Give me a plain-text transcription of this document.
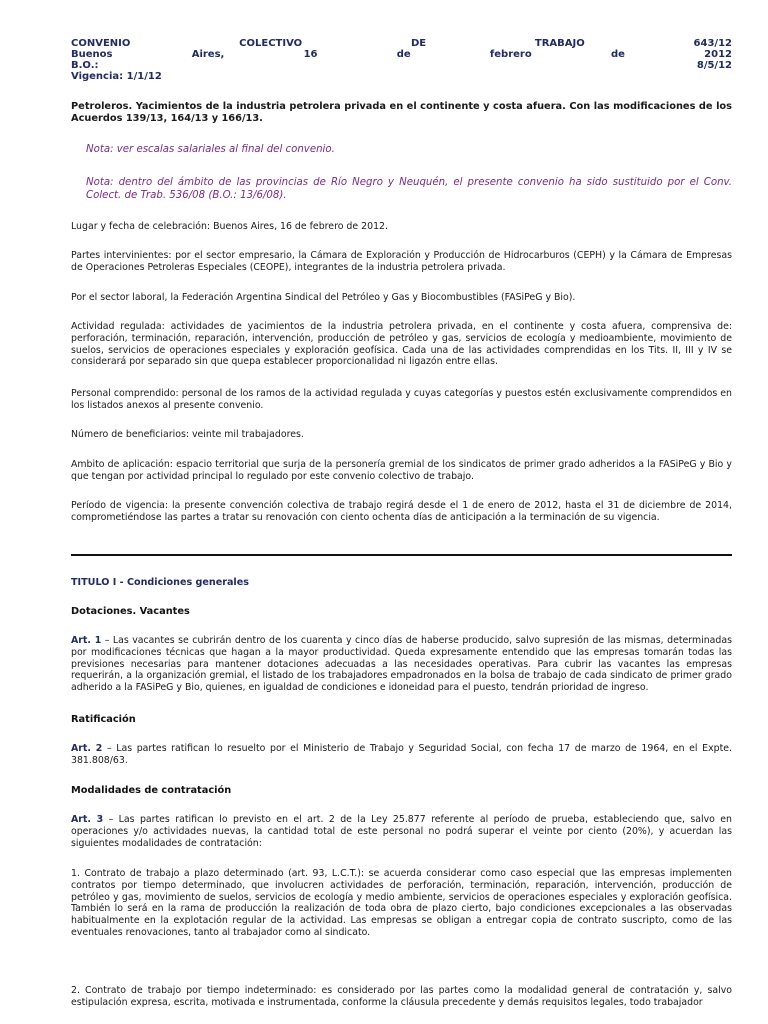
CONVENIO	COLECTIVO	DE	TRABAJO	643/12
Buenos	Aires,	16	de	febrero	de	2012
B.O.:	8/5/12
Vigencia: 1/1/12
Petroleros. Yacimientos de la industria petrolera privada en el continente y costa afuera. Con las modificaciones de los Acuerdos 139/13, 164/13 y 166/13.
Nota: ver escalas salariales al final del convenio.
Nota: dentro del ámbito de las provincias de Río Negro y Neuquén, el presente convenio ha sido sustituido por el Conv. Colect. de Trab. 536/08 (B.O.: 13/6/08).
Lugar y fecha de celebración: Buenos Aires, 16 de febrero de 2012.
Partes intervinientes: por el sector empresario, la Cámara de Exploración y Producción de Hidrocarburos (CEPH) y la Cámara de Empresas de Operaciones Petroleras Especiales (CEOPE), integrantes de la industria petrolera privada.
Por el sector laboral, la Federación Argentina Sindical del Petróleo y Gas y Biocombustibles (FASiPeG y Bio).
Actividad regulada: actividades de yacimientos de la industria petrolera privada, en el continente y costa afuera, comprensiva de: perforación, terminación, reparación, intervención, producción de petróleo y gas, servicios de ecología y medioambiente, movimiento de suelos, servicios de operaciones especiales y exploración geofísica. Cada una de las actividades comprendidas en los Tits. II, III y IV se considerará por separado sin que quepa establecer proporcionalidad ni ligazón entre ellas.
Personal comprendido: personal de los ramos de la actividad regulada y cuyas categorías y puestos estén exclusivamente comprendidos en los listados anexos al presente convenio.
Número de beneficiarios: veinte mil trabajadores.
Ambito de aplicación: espacio territorial que surja de la personería gremial de los sindicatos de primer grado adheridos a la FASiPeG y Bio y que tengan por actividad principal lo regulado por este convenio colectivo de trabajo.
Período de vigencia: la presente convención colectiva de trabajo regirá desde el 1 de enero de 2012, hasta el 31 de diciembre de 2014, comprometiéndose las partes a tratar su renovación con ciento ochenta días de anticipación a la terminación de su vigencia.
TITULO I - Condiciones generales
Dotaciones. Vacantes
Art. 1 – Las vacantes se cubrirán dentro de los cuarenta y cinco días de haberse producido, salvo supresión de las mismas, determinadas por modificaciones técnicas que hagan a la mayor productividad. Queda expresamente entendido que las empresas tomarán todas las previsiones necesarias para mantener dotaciones adecuadas a las necesidades operativas. Para cubrir las vacantes las empresas requerirán, a la organización gremial, el listado de los trabajadores empadronados en la bolsa de trabajo de cada sindicato de primer grado adherido a la FASiPeG y Bio, quienes, en igualdad de condiciones e idoneidad para el puesto, tendrán prioridad de ingreso.
Ratificación
Art. 2 – Las partes ratifican lo resuelto por el Ministerio de Trabajo y Seguridad Social, con fecha 17 de marzo de 1964, en el Expte. 381.808/63.
Modalidades de contratación
Art. 3 – Las partes ratifican lo previsto en el art. 2 de la Ley 25.877 referente al período de prueba, estableciendo que, salvo en operaciones y/o actividades nuevas, la cantidad total de este personal no podrá superar el veinte por ciento (20%), y acuerdan las siguientes modalidades de contratación:
1. Contrato de trabajo a plazo determinado (art. 93, L.C.T.): se acuerda considerar como caso especial que las empresas implementen contratos por tiempo determinado, que involucren actividades de perforación, terminación, reparación, intervención, producción de petróleo y gas, movimiento de suelos, servicios de ecología y medio ambiente, servicios de operaciones especiales y exploración geofísica. También lo será en la rama de producción la realización de toda obra de plazo cierto, bajo condiciones excepcionales a las observadas habitualmente en la explotación regular de la actividad. Las empresas se obligan a entregar copia de contrato suscripto, como de las eventuales renovaciones, tanto al trabajador como al sindicato.
2. Contrato de trabajo por tiempo indeterminado: es considerado por las partes como la modalidad general de contratación y, salvo estipulación expresa, escrita, motivada e instrumentada, conforme la cláusula precedente y demás requisitos legales, todo trabajador
